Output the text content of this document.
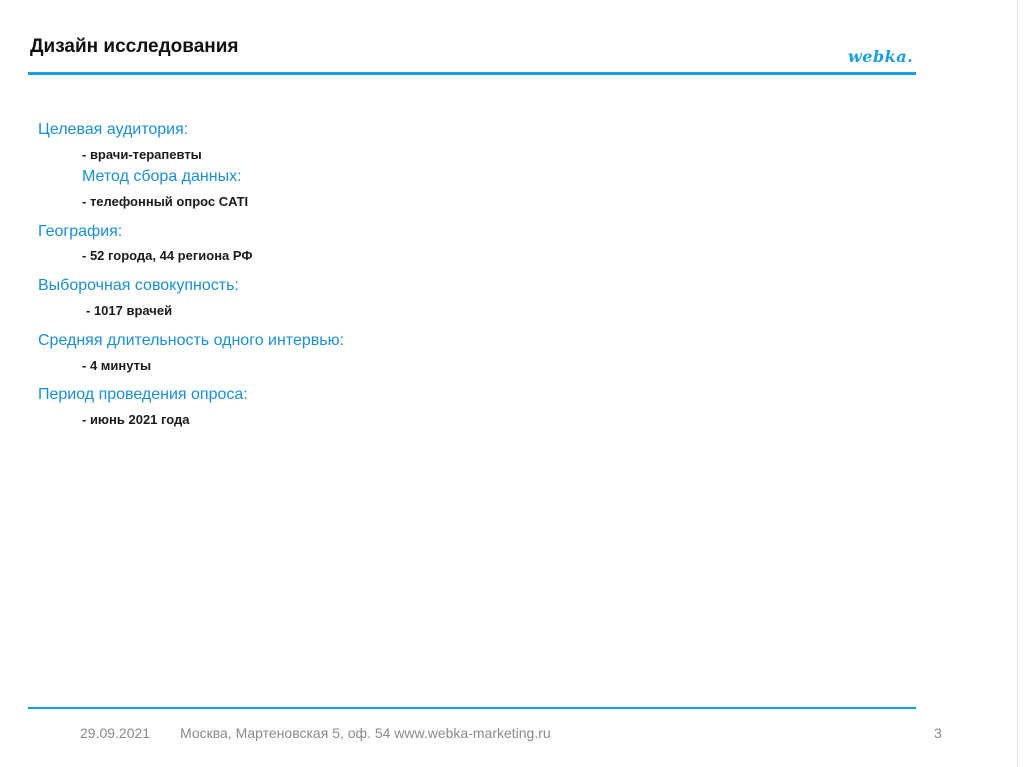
Дизайн исследования	webka.
Целевая аудитория:
- врачи-терапевты
Метод сбора данных:
- телефонный опрос CATI
География:
- 52 города, 44 региона РФ
Выборочная совокупность:
- 1017 врачей
Средняя длительность одного интервью:
- 4 минуты
Период проведения опроса:
- июнь 2021 года
29.09.2021 Москва, Мартеновская 5, оф. 54 www.webka-marketing.ru	3
